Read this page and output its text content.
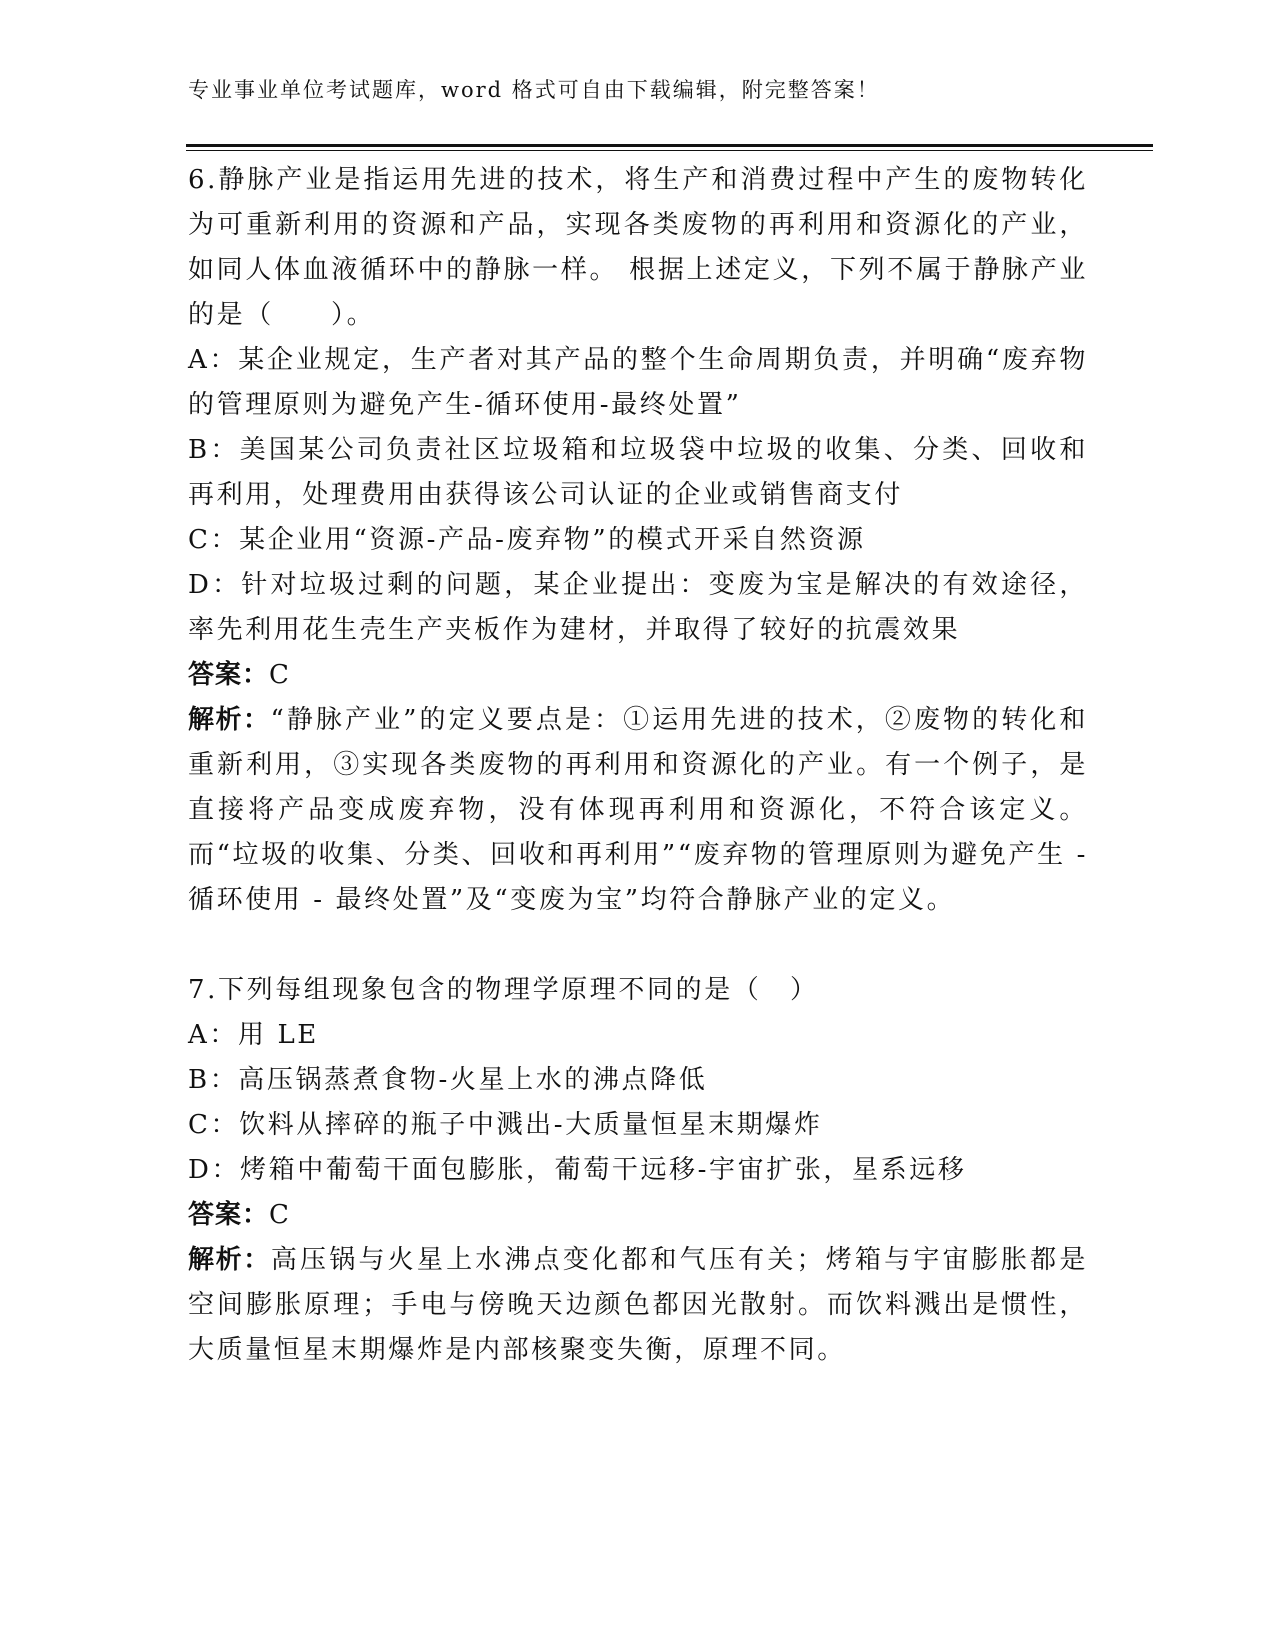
专业事业单位考试题库，word 格式可自由下载编辑，附完整答案！

6.静脉产业是指运用先进的技术，将生产和消费过程中产生的废物转化为可重新利用的资源和产品，实现各类废物的再利用和资源化的产业，如同人体血液循环中的静脉一样。 根据上述定义，下列不属于静脉产业的是（　　）。

A：某企业规定，生产者对其产品的整个生命周期负责，并明确“废弃物的管理原则为避免产生-循环使用-最终处置”

B：美国某公司负责社区垃圾箱和垃圾袋中垃圾的收集、分类、回收和再利用，处理费用由获得该公司认证的企业或销售商支付

C：某企业用“资源-产品-废弃物”的模式开采自然资源

D：针对垃圾过剩的问题，某企业提出：变废为宝是解决的有效途径，率先利用花生壳生产夹板作为建材，并取得了较好的抗震效果

答案：C

解析：“静脉产业”的定义要点是：①运用先进的技术，②废物的转化和重新利用，③实现各类废物的再利用和资源化的产业。有一个例子，是直接将产品变成废弃物，没有体现再利用和资源化，不符合该定义。而“垃圾的收集、分类、回收和再利用”“废弃物的管理原则为避免产生 - 循环使用 - 最终处置”及“变废为宝”均符合静脉产业的定义。

7.下列每组现象包含的物理学原理不同的是（　）

A：用 LE

B：高压锅蒸煮食物-火星上水的沸点降低

C：饮料从摔碎的瓶子中溅出-大质量恒星末期爆炸

D：烤箱中葡萄干面包膨胀，葡萄干远移-宇宙扩张，星系远移

答案：C

解析：高压锅与火星上水沸点变化都和气压有关；烤箱与宇宙膨胀都是空间膨胀原理；手电与傍晚天边颜色都因光散射。而饮料溅出是惯性，大质量恒星末期爆炸是内部核聚变失衡，原理不同。
